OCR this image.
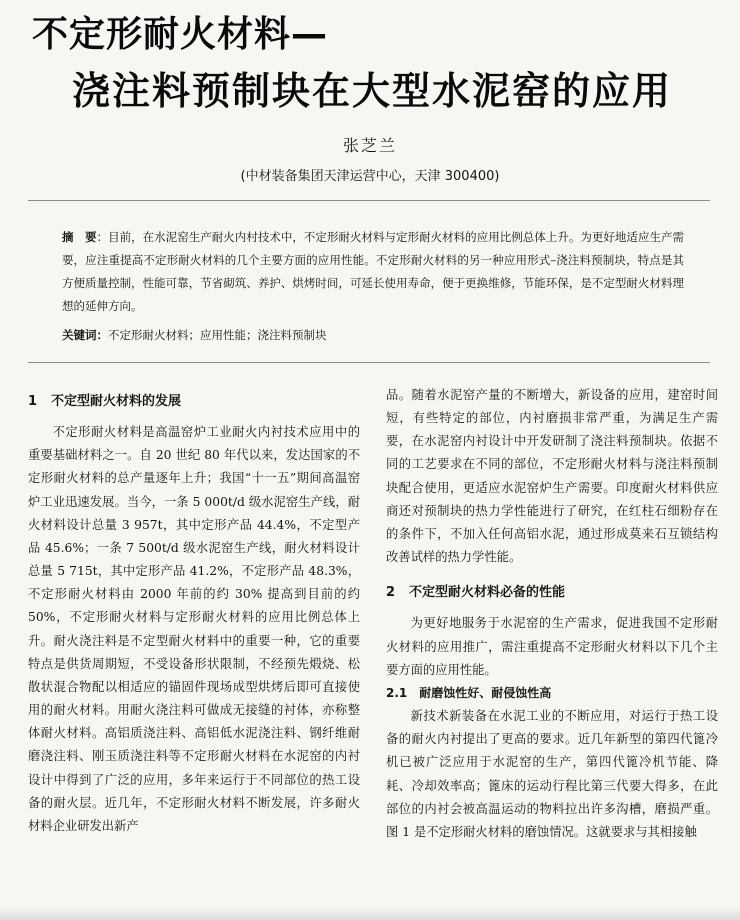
不定形耐火材料—
浇注料预制块在大型水泥窑的应用
张芝兰
(中材装备集团天津运营中心，天津 300400)
摘　要：目前，在水泥窑生产耐火内村技术中，不定形耐火材料与定形耐火材料的应用比例总体上升。为更好地适应生产需要，应注重提高不定形耐火材料的几个主要方面的应用性能。不定形耐火材料的另一种应用形式–浇注料预制块，特点是其方便质量控制，性能可靠，节省砌筑、养护、烘烤时间，可延长使用寿命，便于更换维修，节能环保，是不定型耐火材料理想的延伸方向。
关键词：不定形耐火材料；应用性能；浇注料预制块
1 不定型耐火材料的发展

不定形耐火材料是高温窑炉工业耐火内衬技术应用中的重要基础材料之一。自 20 世纪 80 年代以来，发达国家的不定形耐火材料的总产量逐年上升；我国“十一五”期间高温窑炉工业迅速发展。当今，一条 5 000t/d 级水泥窑生产线，耐火材料设计总量 3 957t，其中定形产品 44.4%，不定型产品 45.6%；一条 7 500t/d 级水泥窑生产线，耐火材料设计总量 5 715t，其中定形产品 41.2%，不定形产品 48.3%，不定形耐火材料由 2000 年前的约 30% 提高到目前的约 50%，不定形耐火材料与定形耐火材料的应用比例总体上升。耐火浇注料是不定型耐火材料中的重要一种，它的重要特点是供货周期短，不受设备形状限制，不经预先煅烧、松散状混合物配以相适应的锚固件现场成型烘烤后即可直接使用的耐火材料。用耐火浇注料可做成无接缝的衬体，亦称整体耐火材料。高铝质浇注料、高铝低水泥浇注料、钢纤维耐磨浇注料、刚玉质浇注料等不定形耐火材料在水泥窑的内衬设计中得到了广泛的应用，多年来运行于不同部位的热工设备的耐火层。近几年，不定形耐火材料不断发展，许多耐火材料企业研发出新产

品。随着水泥窑产量的不断增大，新设备的应用，建窑时间短，有些特定的部位，内衬磨损非常严重，为满足生产需要，在水泥窑内衬设计中开发研制了浇注料预制块。依据不同的工艺要求在不同的部位，不定形耐火材料与浇注料预制块配合使用，更适应水泥窑炉生产需要。印度耐火材料供应商还对预制块的热力学性能进行了研究，在红柱石细粉存在的条件下，不加入任何高铝水泥，通过形成莫来石互锁结构改善试样的热力学性能。

2 不定型耐火材料必备的性能

为更好地服务于水泥窑的生产需求，促进我国不定形耐火材料的应用推广，需注重提高不定形耐火材料以下几个主要方面的应用性能。

2.1 耐磨蚀性好、耐侵蚀性高

新技术新装备在水泥工业的不断应用，对运行于热工设备的耐火内衬提出了更高的要求。近几年新型的第四代篦冷机已被广泛应用于水泥窑的生产，第四代篦冷机节能、降耗、冷却效率高；篦床的运动行程比第三代要大得多，在此部位的内衬会被高温运动的物料拉出许多沟槽，磨损严重。图 1 是不定形耐火材料的磨蚀情况。这就要求与其相接触
